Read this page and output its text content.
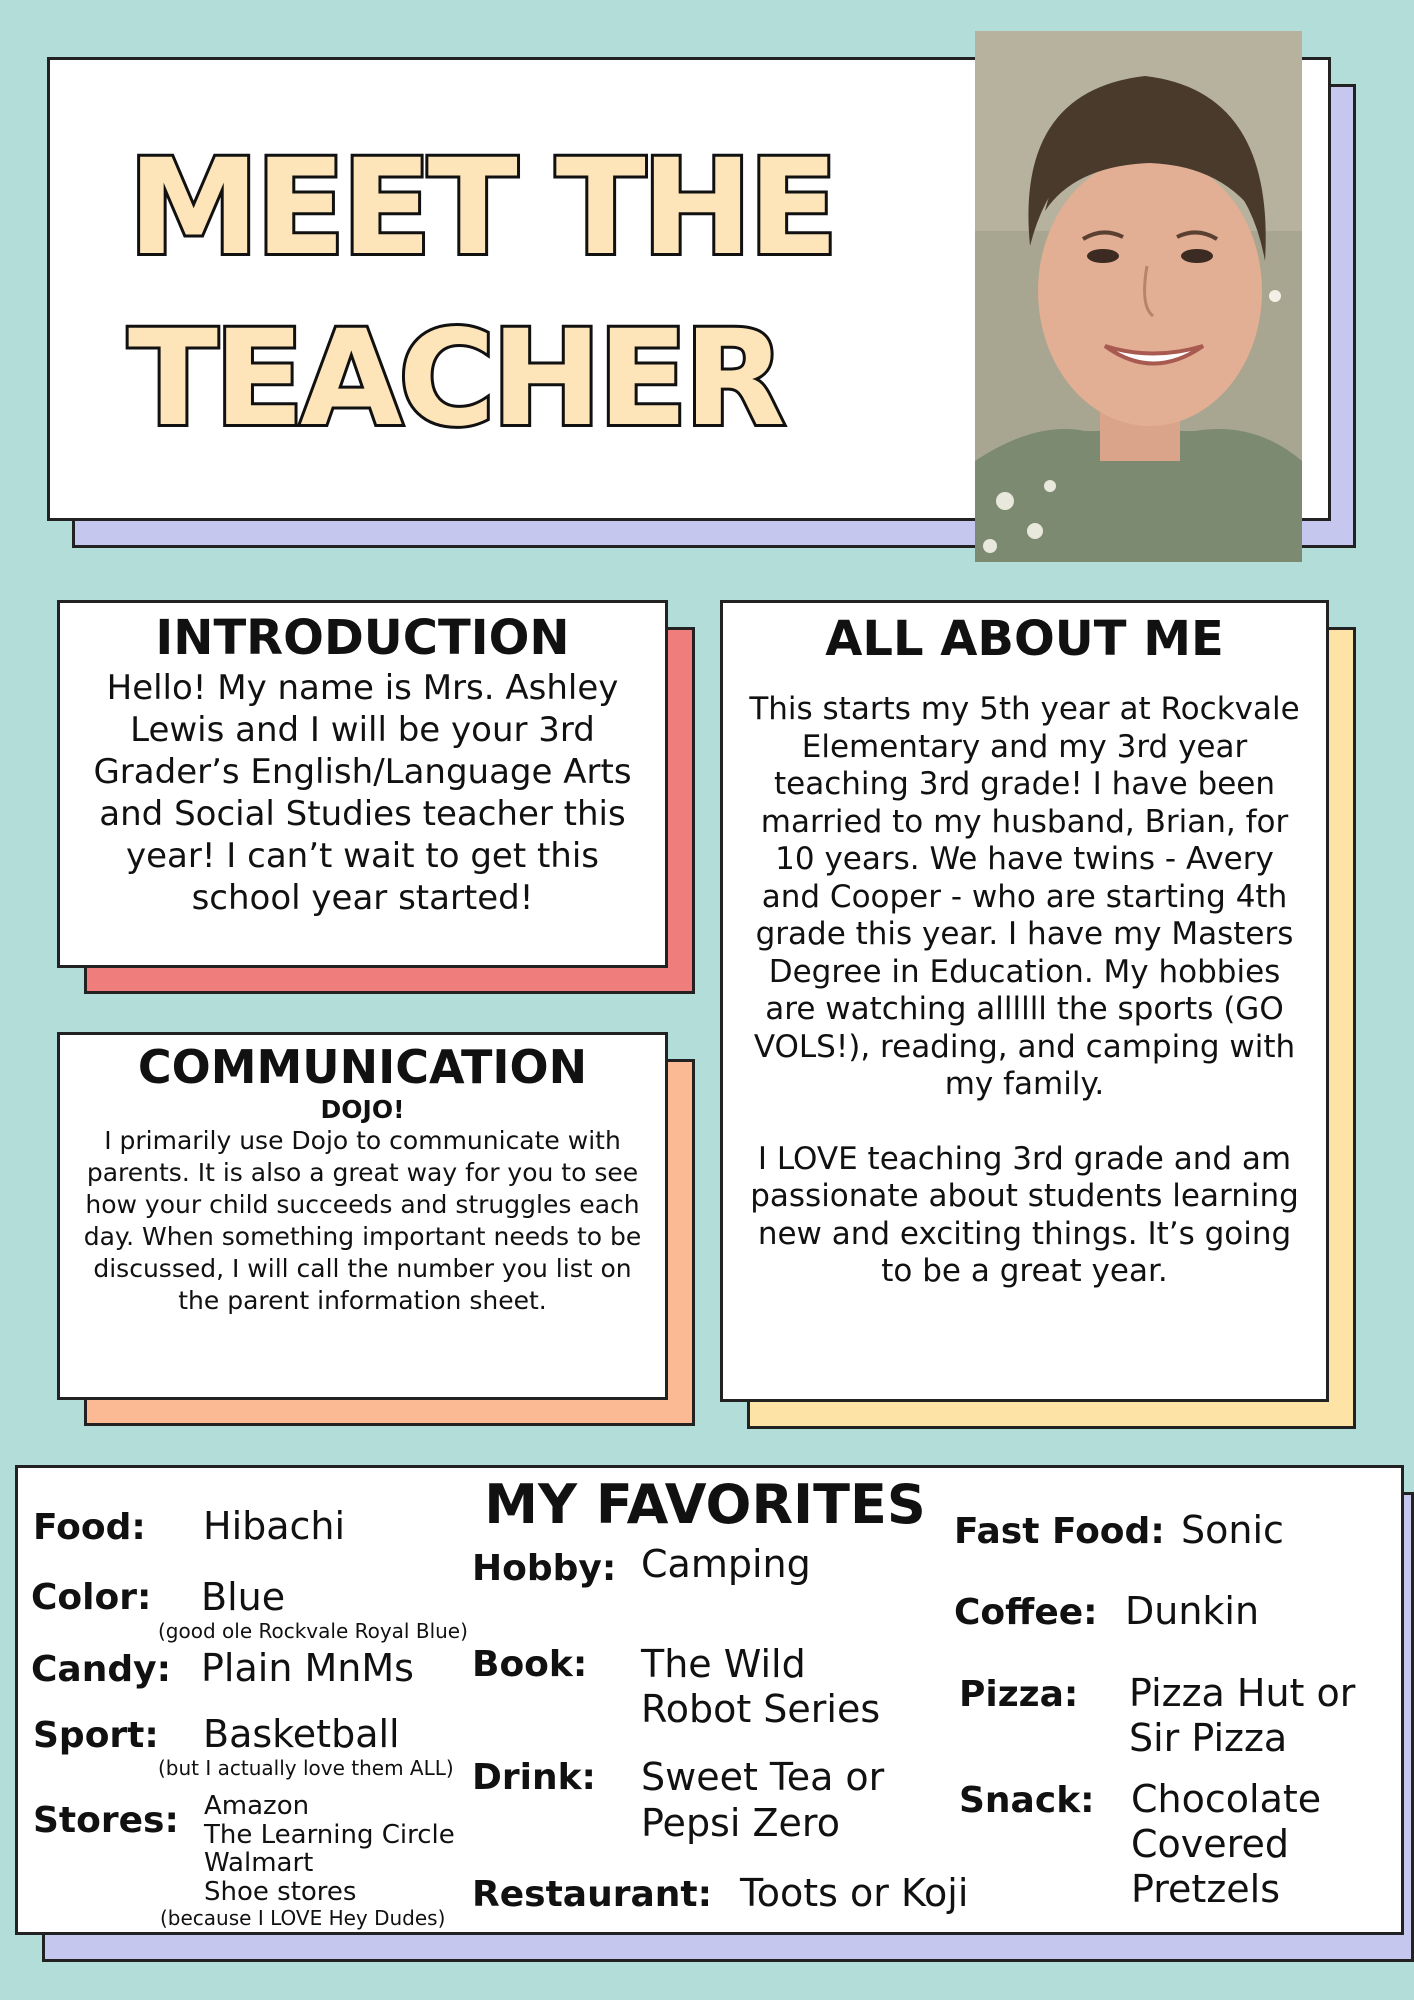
MEET THE
TEACHER
INTRODUCTION
Hello! My name is Mrs. Ashley Lewis and I will be your 3rd Grader’s English/Language Arts and Social Studies teacher this year! I can’t wait to get this school year started!
COMMUNICATION
DOJO!
I primarily use Dojo to communicate with parents. It is also a great way for you to see how your child succeeds and struggles each day. When something important needs to be discussed, I will call the number you list on the parent information sheet.
ALL ABOUT ME
This starts my 5th year at Rockvale Elementary and my 3rd year teaching 3rd grade! I have been married to my husband, Brian, for 10 years. We have twins - Avery and Cooper - who are starting 4th grade this year. I have my Masters Degree in Education. My hobbies are watching allllll the sports (GO VOLS!), reading, and camping with my family.
I LOVE teaching 3rd grade and am passionate about students learning new and exciting things. It’s going to be a great year.
MY FAVORITES
Food: Hibachi
Color: Blue
(good ole Rockvale Royal Blue)
Candy: Plain MnMs
Sport: Basketball
(but I actually love them ALL)
Stores: Amazon
The Learning Circle
Walmart
Shoe stores
(because I LOVE Hey Dudes)
Hobby: Camping
Book: The Wild
Robot Series
Drink: Sweet Tea or
Pepsi Zero
Restaurant: Toots or Koji
Fast Food: Sonic
Coffee: Dunkin
Pizza: Pizza Hut or
Sir Pizza
Snack: Chocolate
Covered
Pretzels
